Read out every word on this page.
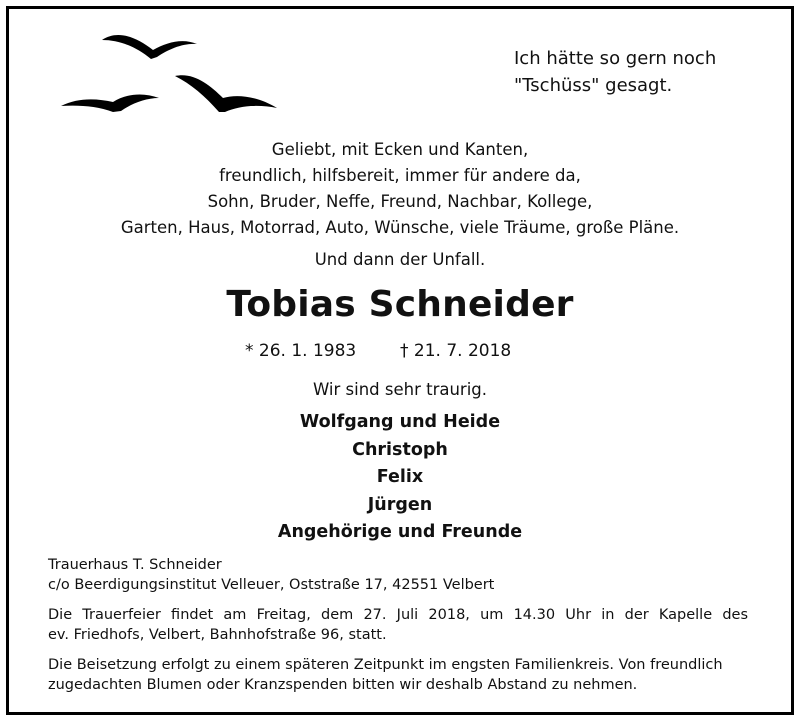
Ich hätte so gern noch
"Tschüss" gesagt.
Geliebt, mit Ecken und Kanten,
freundlich, hilfsbereit, immer für andere da,
Sohn, Bruder, Neffe, Freund, Nachbar, Kollege,
Garten, Haus, Motorrad, Auto, Wünsche, viele Träume, große Pläne.
Und dann der Unfall.
Tobias Schneider
* 26. 1. 1983	† 21. 7. 2018
Wir sind sehr traurig.
Wolfgang und Heide
Christoph
Felix
Jürgen
Angehörige und Freunde
Trauerhaus T. Schneider
c/o Beerdigungsinstitut Velleuer, Oststraße 17, 42551 Velbert
Die Trauerfeier findet am Freitag, dem 27. Juli 2018, um 14.30 Uhr in der Kapelle des
ev. Friedhofs, Velbert, Bahnhofstraße 96, statt.
Die Beisetzung erfolgt zu einem späteren Zeitpunkt im engsten Familienkreis. Von freundlich
zugedachten Blumen oder Kranzspenden bitten wir deshalb Abstand zu nehmen.
